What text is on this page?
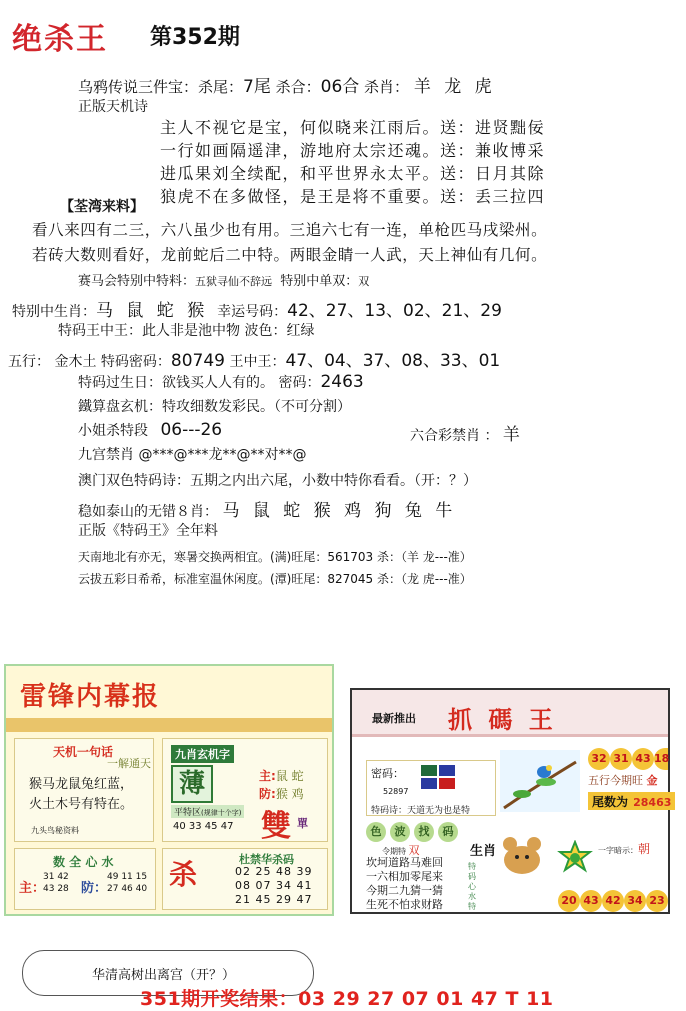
绝杀王 第352期
乌鸦传说三件宝：杀尾：7尾 杀合：06合 杀肖： 羊 龙 虎
正版天机诗
主人不视它是宝，何似晓来江雨后。送：进贤黜佞
一行如画隔遥津，游地府太宗还魂。送：兼收博采
进瓜果刘全续配，和平世界永太平。送：日月其除
狼虎不在多做怪，是王是将不重要。送：丢三拉四
【荃湾来料】
看八来四有二三，六八虽少也有用。三追六七有一连，单枪匹马戌梁州。
若砖大数则看好，龙前蛇后二中特。两眼金睛一人武，天上神仙有几何。
赛马会特别中特料：五狱寻仙不辞远 特别中单双：双
特别中生肖：马 鼠 蛇 猴 幸运号码：42、27、13、02、21、29
特码王中王：此人非是池中物 波色：红绿
五行： 金木土 特码密码：80749 王中王：47、04、37、08、33、01
特码过生日：欲钱买人人有的。 密码：2463
鐵算盘玄机：特攻细数发彩民。（不可分割）
小姐杀特段 06---26	六合彩禁肖 ： 羊
九宫禁肖 @***@***龙**@**对**@
澳门双色特码诗：五期之内出六尾，小数中特你看看。（开：？）
稳如泰山的无错８肖： 马 鼠 蛇 猴 鸡 狗 兔 牛
正版《特码王》全年料
天南地北有亦无，寒暑交换两相宜。(满)旺尾：561703 杀：（羊 龙---准）
云拔五彩日希希，标准室温休闲度。(潭)旺尾：827045 杀：（龙 虎---准）
雷锋内幕报
天机一句话
一解通天
猴马龙鼠兔红蓝，
火土木号有特在。
九头鸟秘资料
九肖玄机字
薄	主:鼠 蛇
防:猴 鸡
平特区(规律十个字)
40 33 45 47 雙 單
数 全 心 水
主：
31 42
43 28 防：
49 11 15
27 46 40 杀	杜禁华杀码
02 25 48 39
08 07 34 41
21 45 29 47
最新推出 抓 碼 王
32 31 43 18
密码：
52897
特码诗：天道无为也是特
五行今期旺 金
尾数为 28463
色	波	找	码
令期特 双
坎坷道路马难回
一六相加零尾来
今期二九猜一猜
生死不怕求财路
生肖
特码心水特
一字暗示：朝
20 43 42 34 23
华清高树出离宫（开？）
351期开奖结果：03 29 27 07 01 47 T 11
